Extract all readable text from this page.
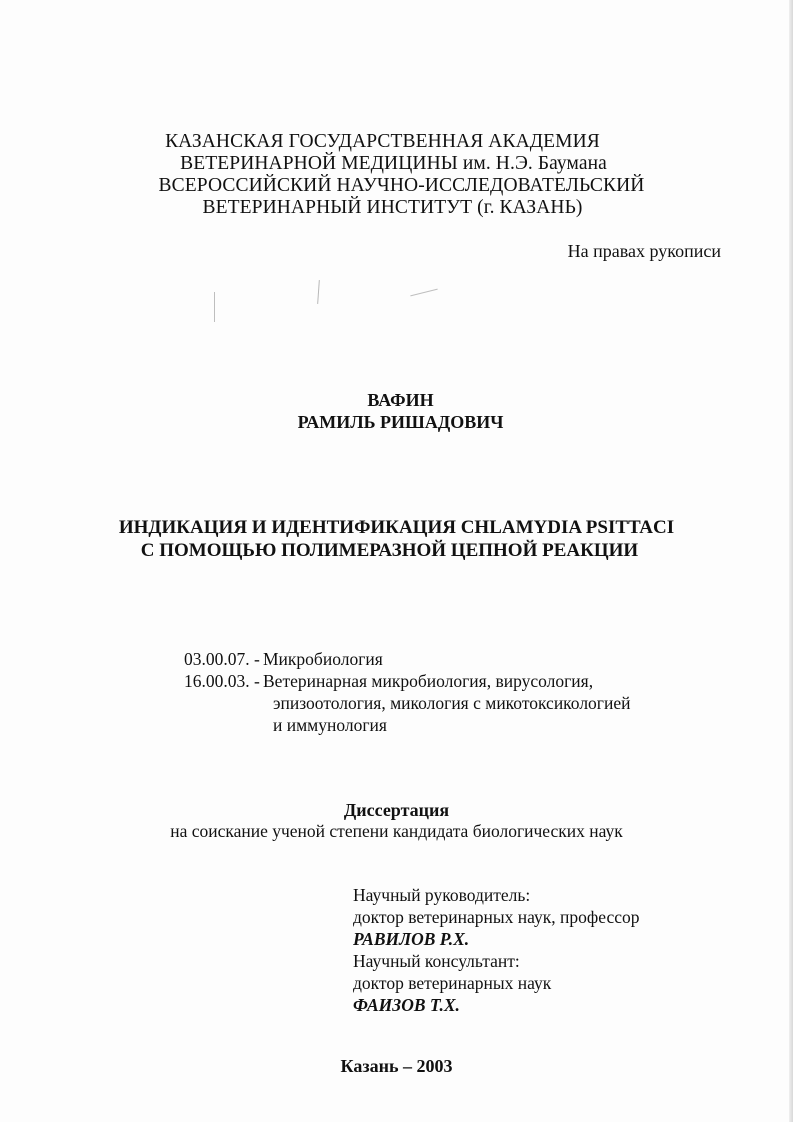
КАЗАНСКАЯ ГОСУДАРСТВЕННАЯ АКАДЕМИЯ
ВЕТЕРИНАРНОЙ МЕДИЦИНЫ им. Н.Э. Баумана
ВСЕРОССИЙСКИЙ НАУЧНО-ИССЛЕДОВАТЕЛЬСКИЙ
ВЕТЕРИНАРНЫЙ ИНСТИТУТ (г. КАЗАНЬ)
На правах рукописи
ВАФИН
РАМИЛЬ РИШАДОВИЧ
ИНДИКАЦИЯ И ИДЕНТИФИКАЦИЯ CHLAMYDIA PSITTACI
С ПОМОЩЬЮ ПОЛИМЕРАЗНОЙ ЦЕПНОЙ РЕАКЦИИ
03.00.07. - Микробиология
16.00.03. - Ветеринарная микробиология, вирусология,
эпизоотология, микология с микотоксикологией
и иммунология
Диссертация
на соискание ученой степени кандидата биологических наук
Научный руководитель:
доктор ветеринарных наук, профессор
РАВИЛОВ Р.Х.
Научный консультант:
доктор ветеринарных наук
ФАИЗОВ Т.Х.
Казань – 2003
